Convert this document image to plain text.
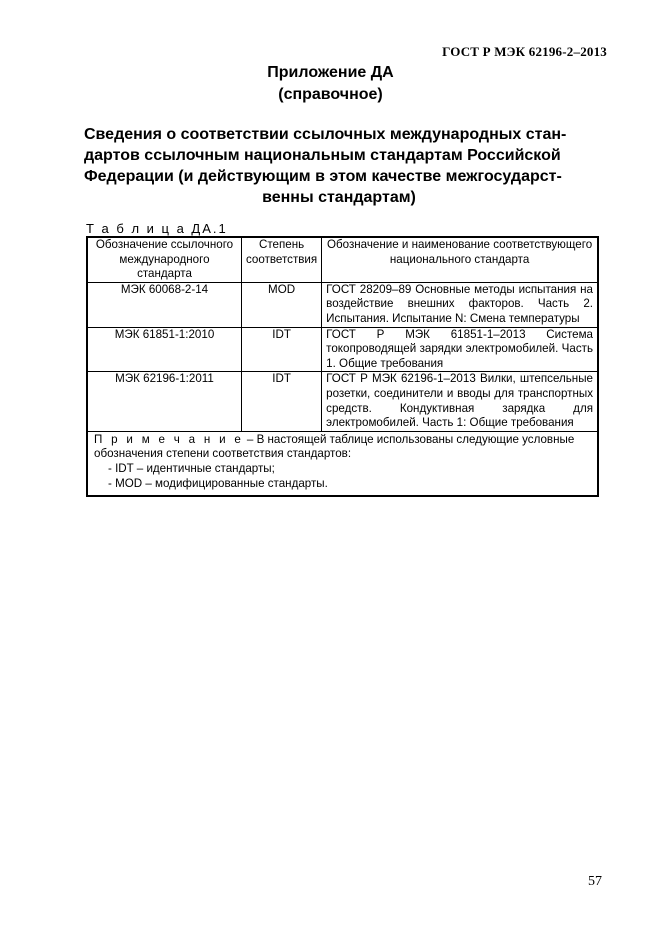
ГОСТ Р МЭК 62196-2–2013
Приложение ДА
(справочное)
Сведения о соответствии ссылочных международных стан-
дартов ссылочным национальным стандартам Российской
Федерации (и действующим в этом качестве межгосударст-
венны стандартам)
Т а б л и ц а ДА.1
Обозначение ссылочного международного стандарта	Степень соответствия	Обозначение и наименование соответствующего национального стандарта
МЭК 60068-2-14	MOD	ГОСТ 28209–89 Основные методы испытания на воздействие внешних факторов. Часть 2. Испытания. Испытание N: Смена температуры
МЭК 61851-1:2010	IDT	ГОСТ Р МЭК 61851-1–2013 Система токопроводящей зарядки электромобилей. Часть 1. Общие требования
МЭК 62196-1:2011	IDT	ГОСТ Р МЭК 62196-1–2013 Вилки, штепсельные розетки, соединители и вводы для транспортных средств. Кондуктивная зарядка для электромобилей. Часть 1: Общие требования

П р и м е ч а н и е – В настоящей таблице использованы следующие условные обозначения степени соответствия стандартов:
- IDT – идентичные стандарты;
- MOD – модифицированные стандарты.		
57
